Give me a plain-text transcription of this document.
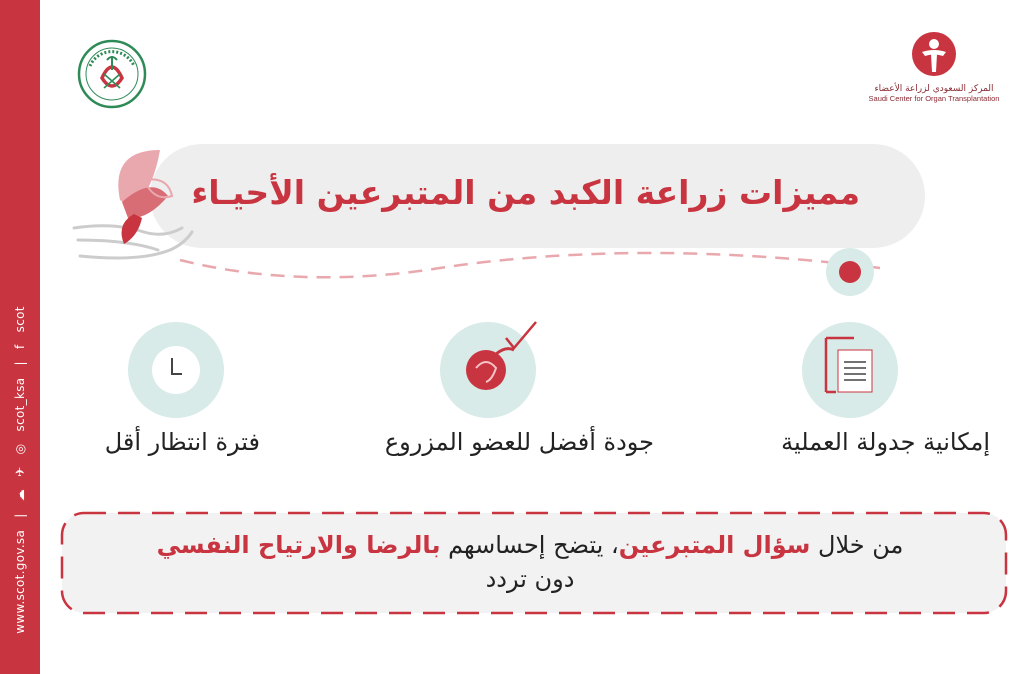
www.scot.gov.sa | ☁ ✈ ◎ scot_ksa | f scot
المركز السعودي لزراعة الأعضاء
Saudi Center for Organ Transplantation
مميزات زراعة الكبد من المتبرعين الأحيـاء
إمكانية جدولة العملية
جودة أفضل للعضو المزروع
فترة انتظار أقل
من خلال سؤال المتبرعين، يتضح إحساسهم بالرضا والارتياح النفسي
دون تردد
